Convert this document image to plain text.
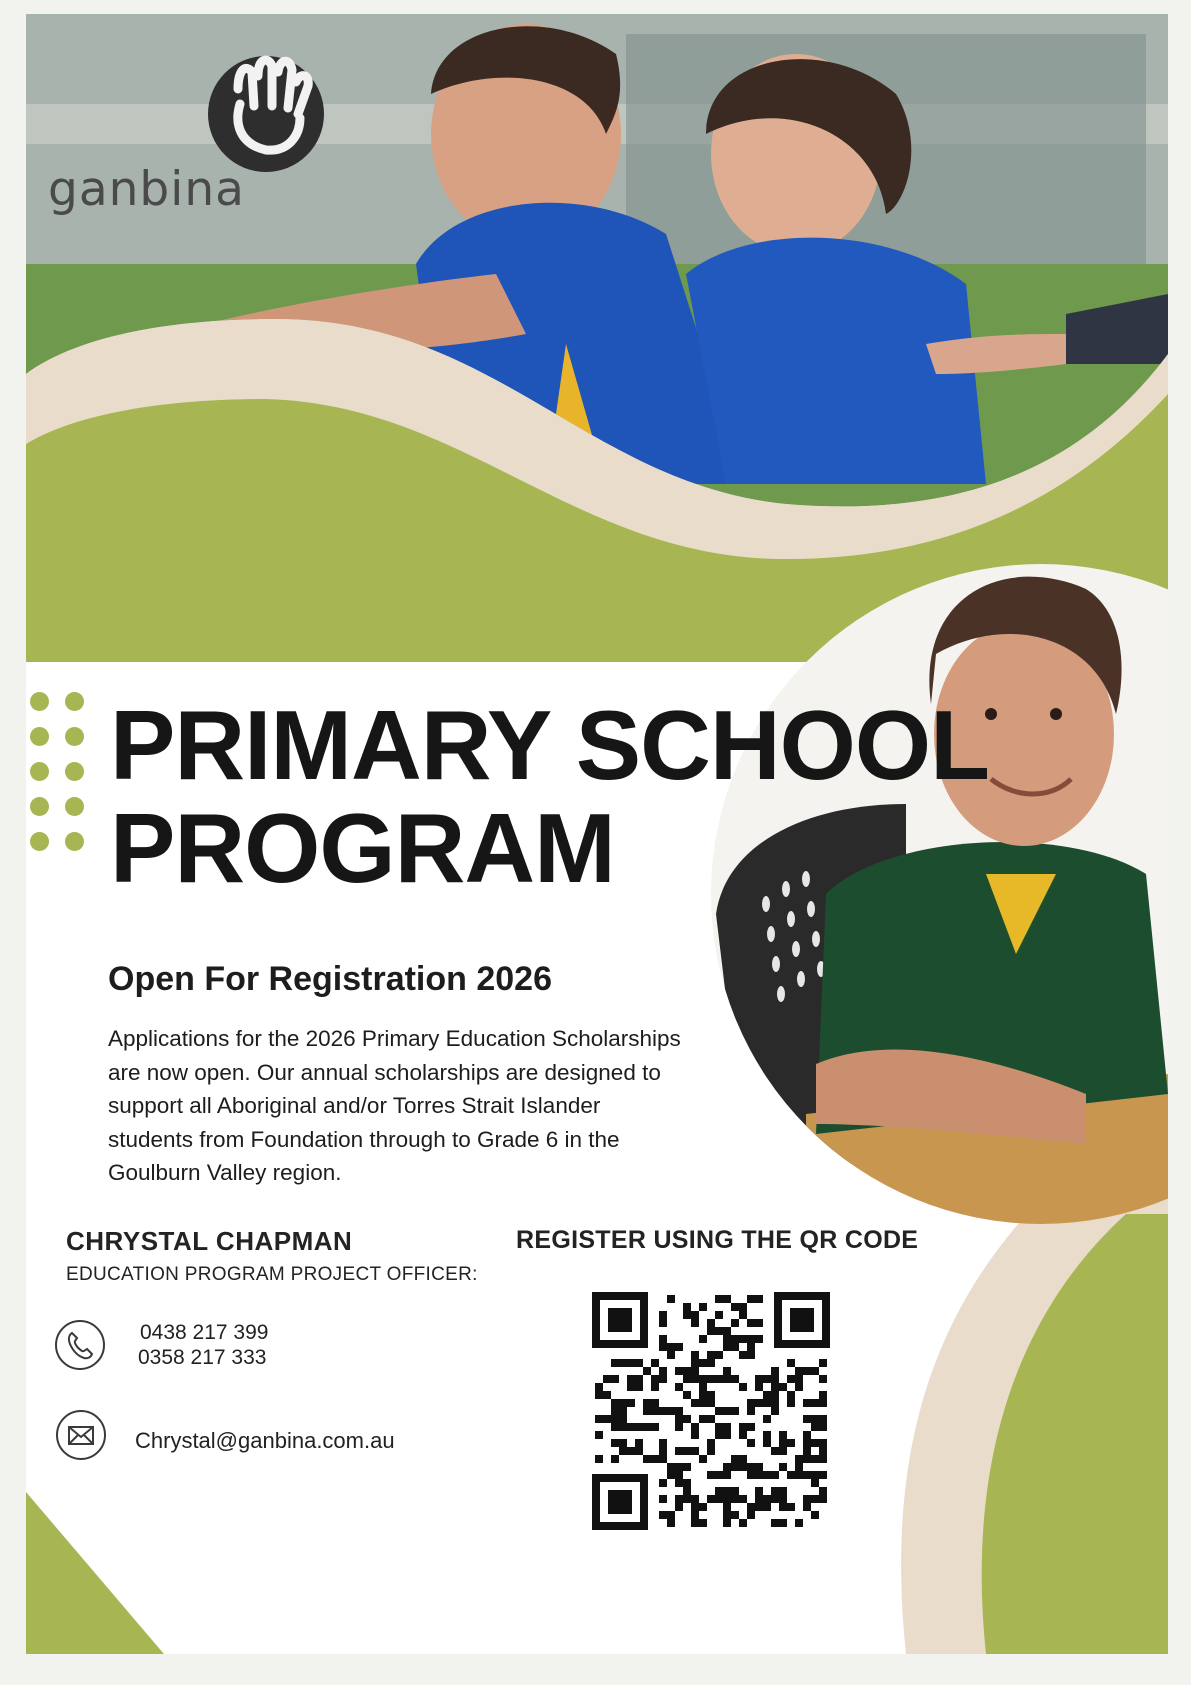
ganbina
PRIMARY SCHOOL
PROGRAM
Open For Registration 2026
Applications for the 2026 Primary Education Scholarships
are now open. Our annual scholarships are designed to
support all Aboriginal and/or Torres Strait Islander
students from Foundation through to Grade 6 in the
Goulburn Valley region.
CHRYSTAL CHAPMAN
EDUCATION PROGRAM PROJECT OFFICER:
0438 217 399
0358 217 333
Chrystal@ganbina.com.au
REGISTER USING THE QR CODE
